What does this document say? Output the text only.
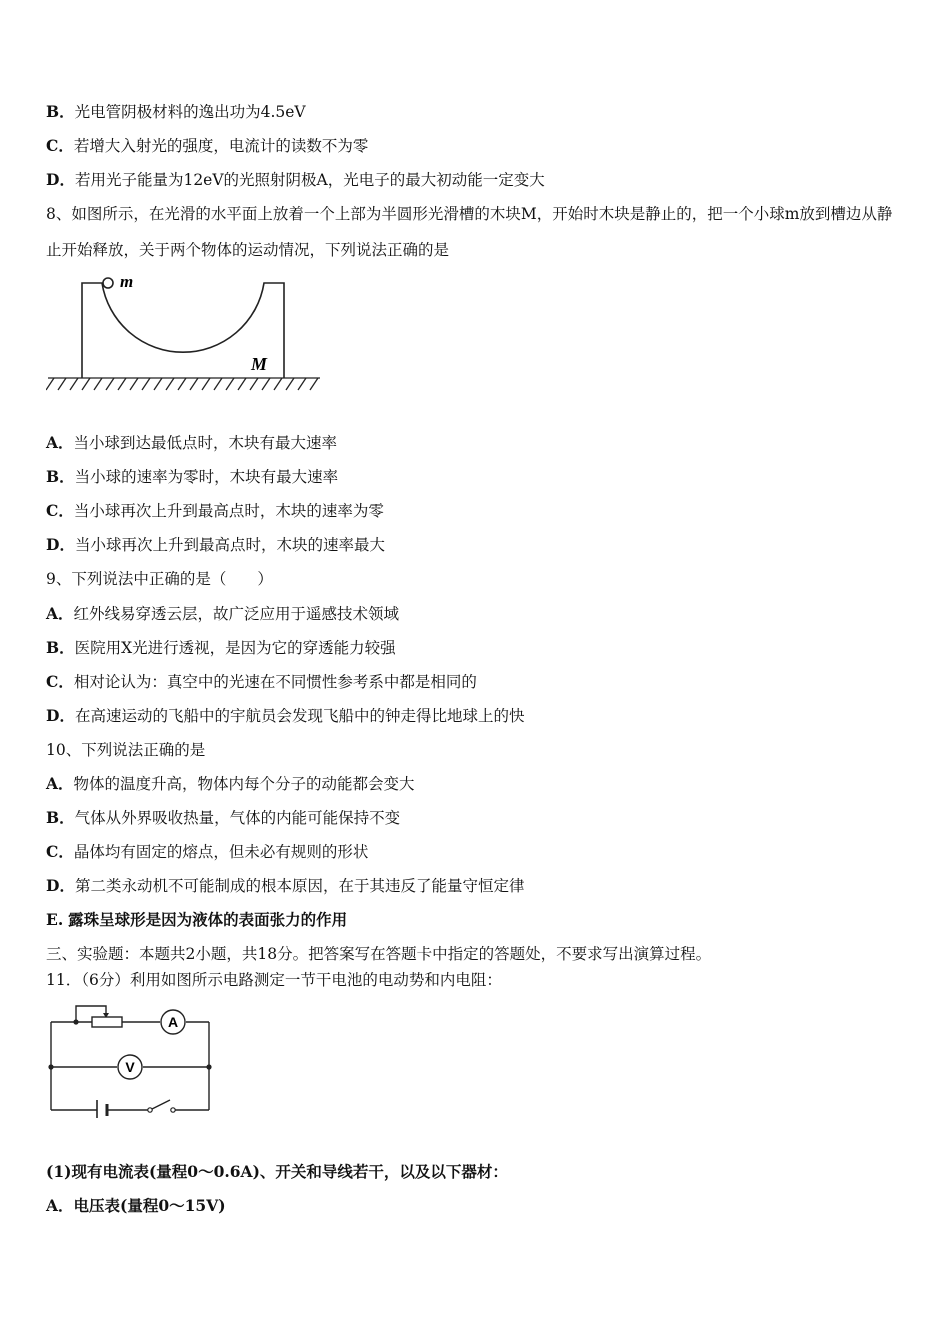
B．光电管阴极材料的逸出功为4.5eV
C．若增大入射光的强度，电流计的读数不为零
D．若用光子能量为12eV的光照射阴极A，光电子的最大初动能一定变大
8、如图所示，在光滑的水平面上放着一个上部为半圆形光滑槽的木块M，开始时木块是静止的，把一个小球m放到槽边从静止开始释放，关于两个物体的运动情况，下列说法正确的是
m
M
A．当小球到达最低点时，木块有最大速率
B．当小球的速率为零时，木块有最大速率
C．当小球再次上升到最高点时，木块的速率为零
D．当小球再次上升到最高点时，木块的速率最大
9、下列说法中正确的是（　　）
A．红外线易穿透云层，故广泛应用于遥感技术领域
B．医院用X光进行透视，是因为它的穿透能力较强
C．相对论认为：真空中的光速在不同惯性参考系中都是相同的
D．在高速运动的飞船中的宇航员会发现飞船中的钟走得比地球上的快
10、下列说法正确的是
A．物体的温度升高，物体内每个分子的动能都会变大
B．气体从外界吸收热量，气体的内能可能保持不变
C．晶体均有固定的熔点，但未必有规则的形状
D．第二类永动机不可能制成的根本原因，在于其违反了能量守恒定律
E. 露珠呈球形是因为液体的表面张力的作用
三、实验题：本题共2小题，共18分。把答案写在答题卡中指定的答题处，不要求写出演算过程。
11．（6分）利用如图所示电路测定一节干电池的电动势和内电阻：
A
V
(1)现有电流表(量程0～0.6A)、开关和导线若干，以及以下器材：
A．电压表(量程0～15V)
